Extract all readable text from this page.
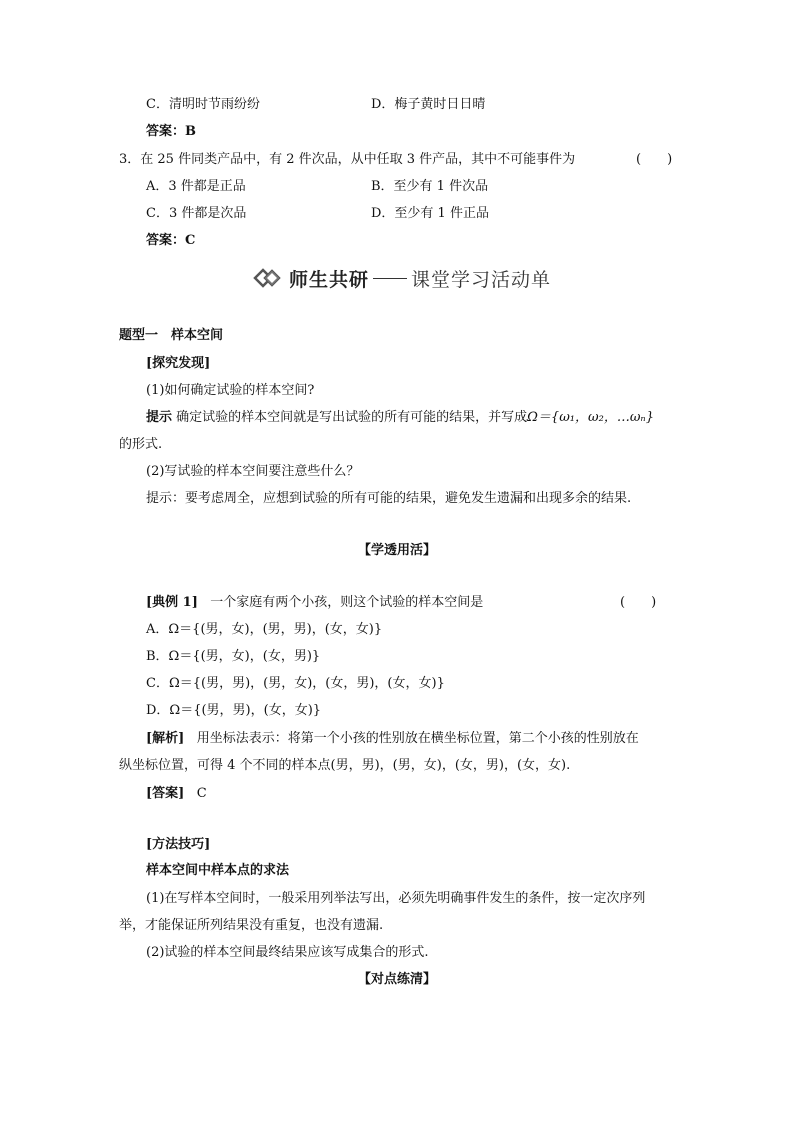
C．清明时节雨纷纷	D．梅子黄时日日晴
答案：B
3．在 25 件同类产品中，有 2 件次品，从中任取 3 件产品，其中不可能事件为	(　　)
A．3 件都是正品	B．至少有 1 件次品
C．3 件都是次品	D．至少有 1 件正品
答案：C
师生共研 课堂学习活动单
题型一　样本空间
[探究发现]
(1)如何确定试验的样本空间?
提示 确定试验的样本空间就是写出试验的所有可能的结果，并写成Ω＝{ω₁，ω₂，…ωₙ}
的形式.
(2)写试验的样本空间要注意些什么？
提示：要考虑周全，应想到试验的所有可能的结果，避免发生遗漏和出现多余的结果.
【学透用活】
[典例 1] 一个家庭有两个小孩，则这个试验的样本空间是	(　　)
A．Ω＝{(男，女)，(男，男)，(女，女)}
B．Ω＝{(男，女)，(女，男)}
C．Ω＝{(男，男)，(男，女)，(女，男)，(女，女)}
D．Ω＝{(男，男)，(女，女)}
[解析] 用坐标法表示：将第一个小孩的性别放在横坐标位置，第二个小孩的性别放在
纵坐标位置，可得 4 个不同的样本点(男，男)，(男，女)，(女，男)，(女，女).
[答案] C
[方法技巧]
样本空间中样本点的求法
(1)在写样本空间时，一般采用列举法写出，必须先明确事件发生的条件，按一定次序列
举，才能保证所列结果没有重复，也没有遗漏.
(2)试验的样本空间最终结果应该写成集合的形式.
【对点练清】
